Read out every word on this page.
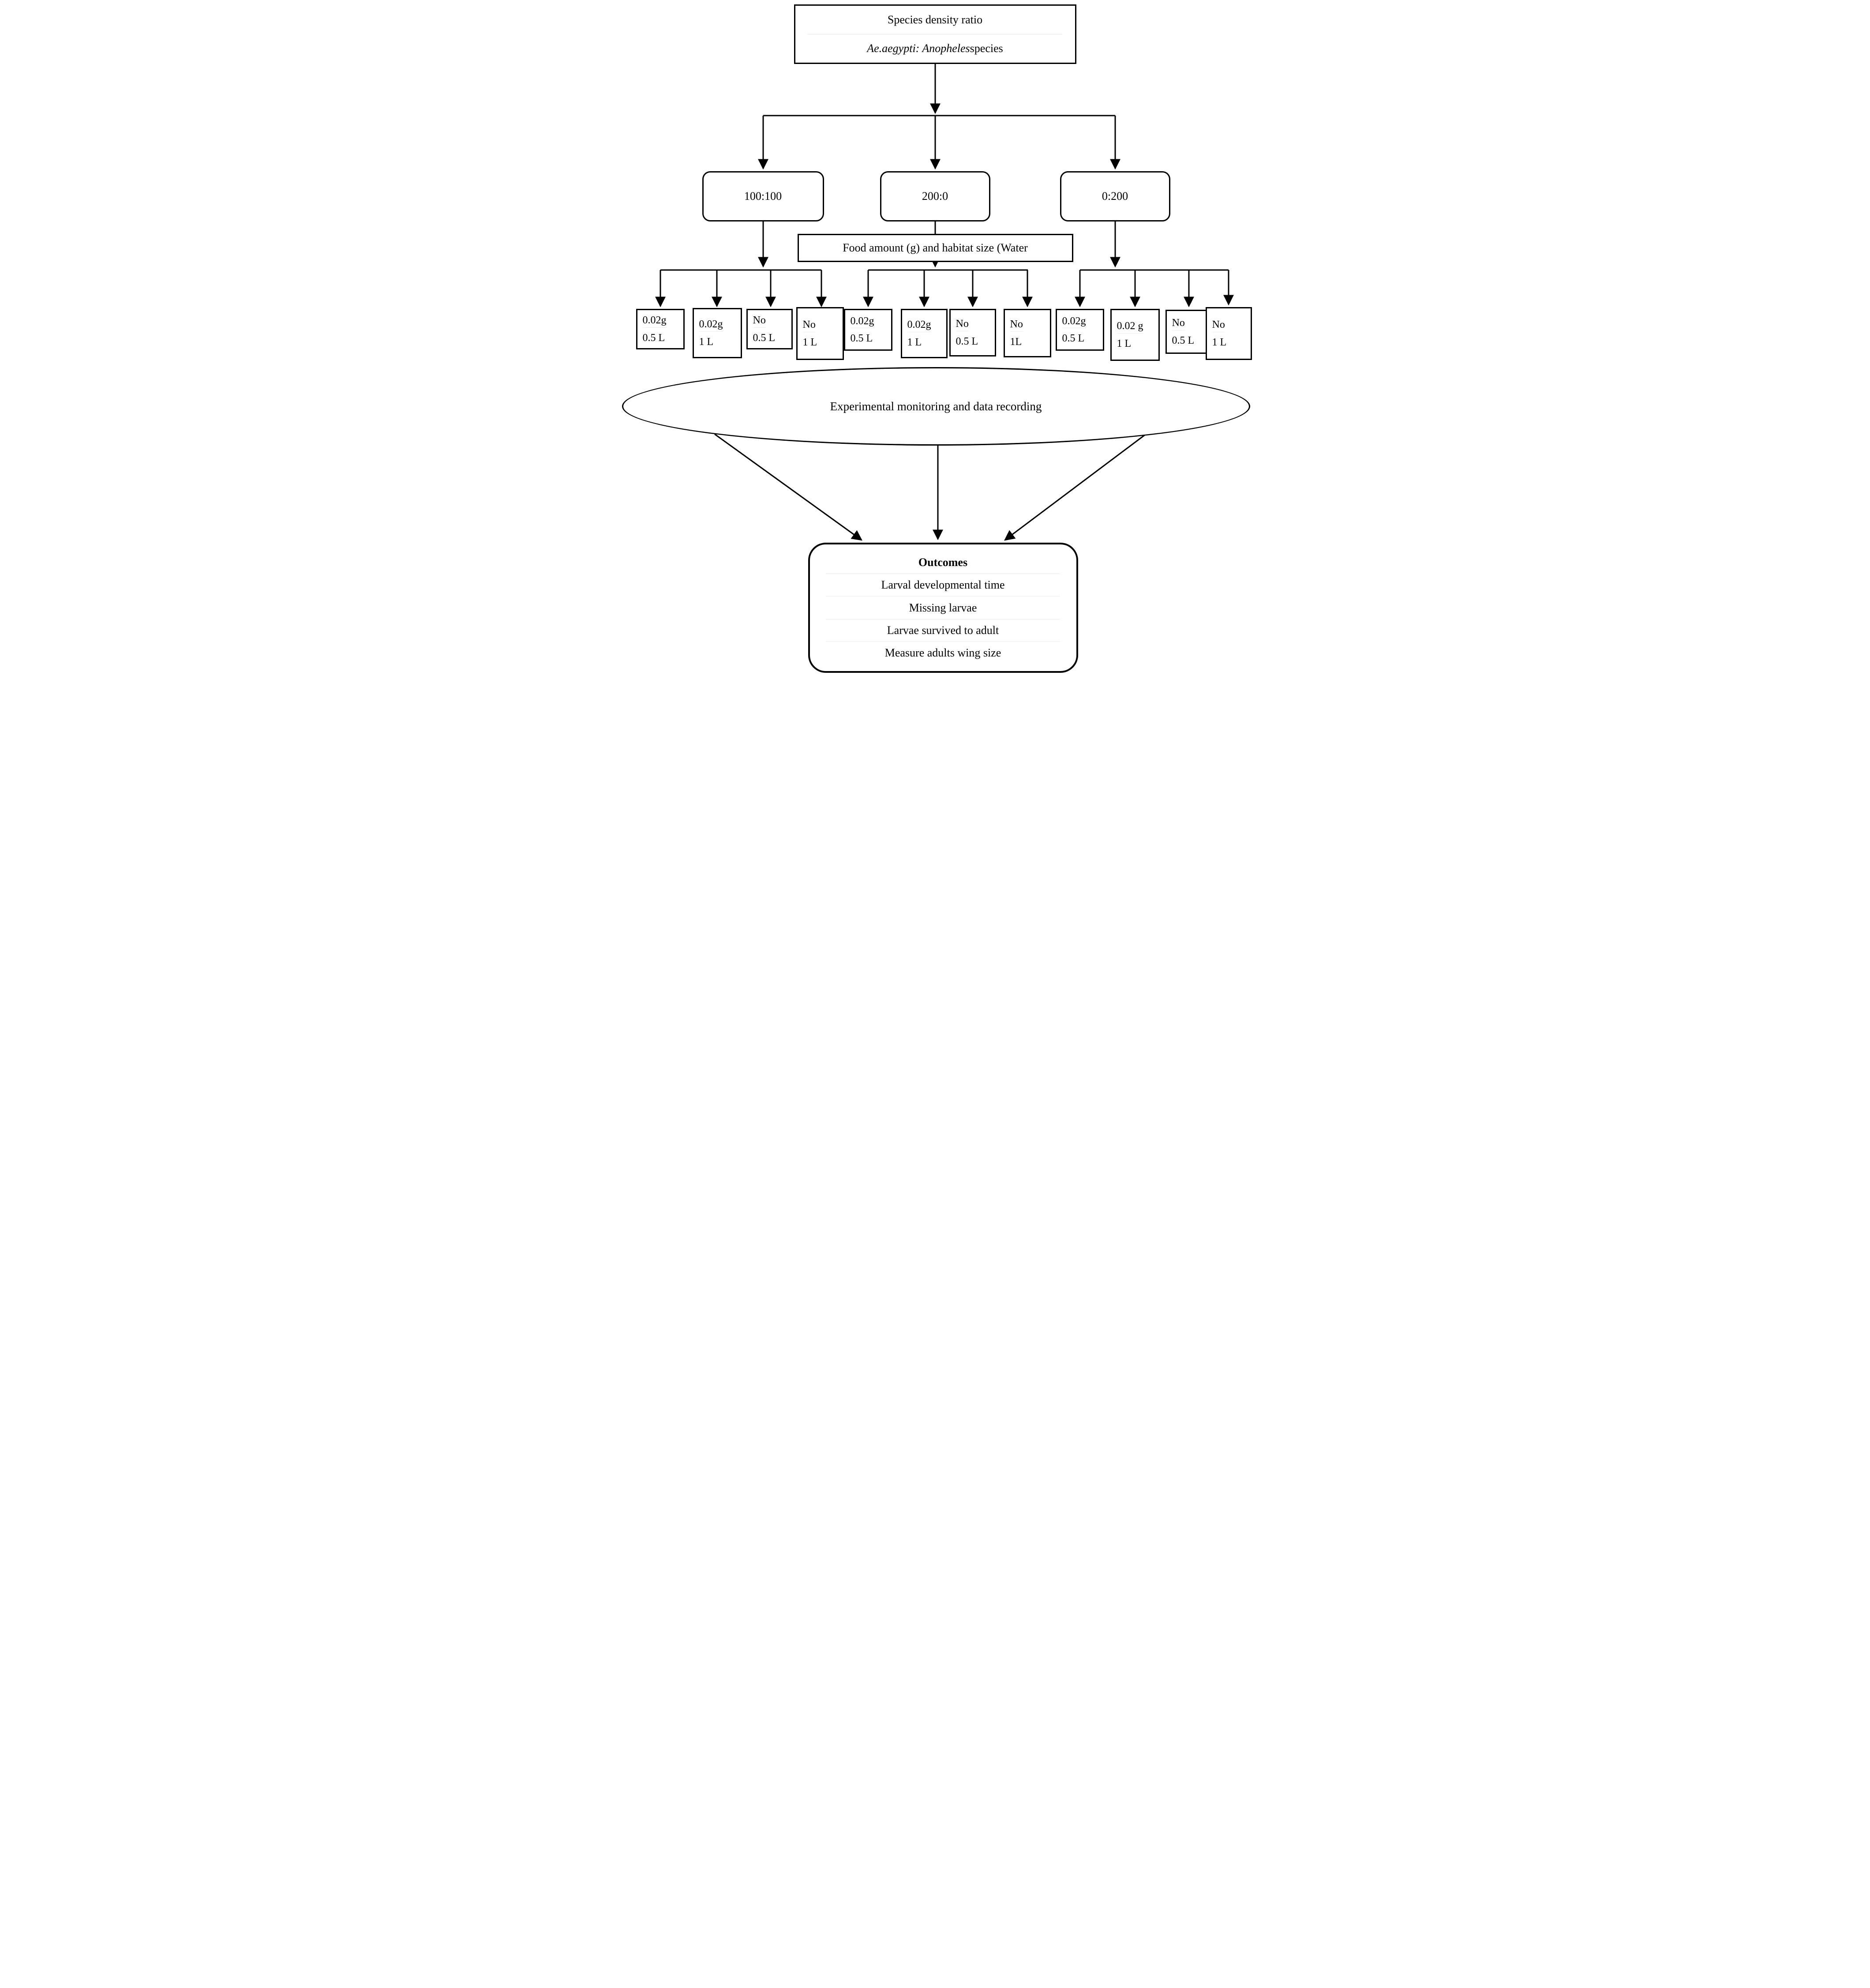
Species density ratio
Ae.aegypti: Anopheles species
100:100	200:0	0:200
Food amount (g) and habitat size (Water
0.02g
0.5 L
0.02g
1 L
No
0.5 L
No
1 L
0.02g
0.5 L
0.02g
1 L
No
0.5 L
No
1L
0.02g
0.5 L
0.02 g
1 L
No
0.5 L
No
1 L
Experimental monitoring and data recording
Outcomes
Larval developmental time
Missing larvae
Larvae survived to adult
Measure adults wing size
